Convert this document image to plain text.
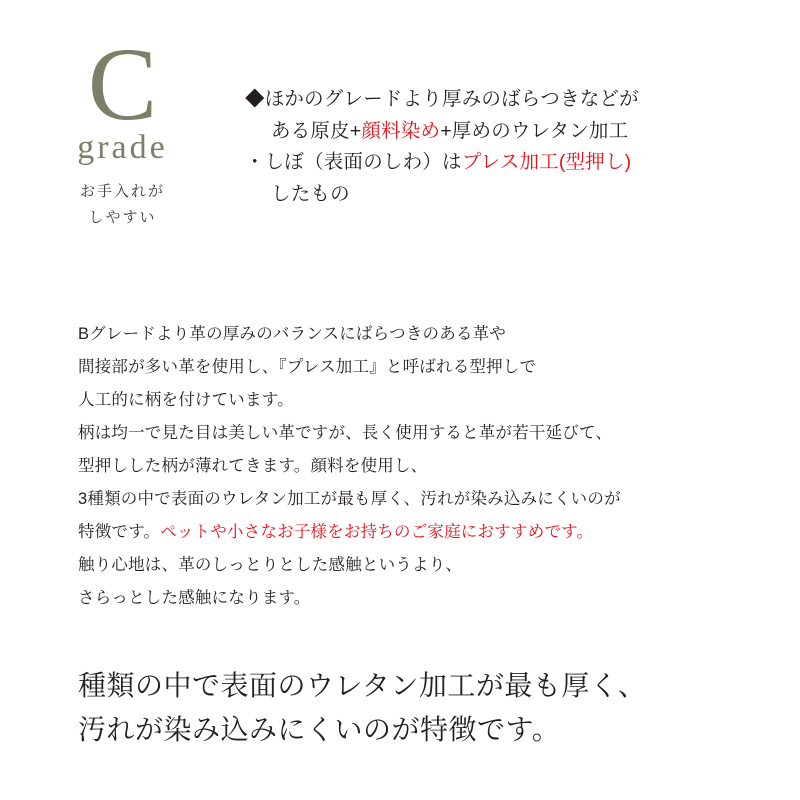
C
grade
お手入れが
しやすい
◆ほかのグレードより厚みのばらつきなどが
ある原皮+顔料染め+厚めのウレタン加工
・しぼ（表面のしわ）はプレス加工(型押し)
したもの
Bグレードより革の厚みのバランスにばらつきのある革や
間接部が多い革を使用し、『プレス加工』と呼ばれる型押しで
人工的に柄を付けています。
柄は均一で見た目は美しい革ですが、長く使用すると革が若干延びて、
型押しした柄が薄れてきます。顔料を使用し、
3種類の中で表面のウレタン加工が最も厚く、汚れが染み込みにくいのが
特徴です。ペットや小さなお子様をお持ちのご家庭におすすめです。
触り心地は、革のしっとりとした感触というより、
さらっとした感触になります。
種類の中で表面のウレタン加工が最も厚く、
汚れが染み込みにくいのが特徴です。
